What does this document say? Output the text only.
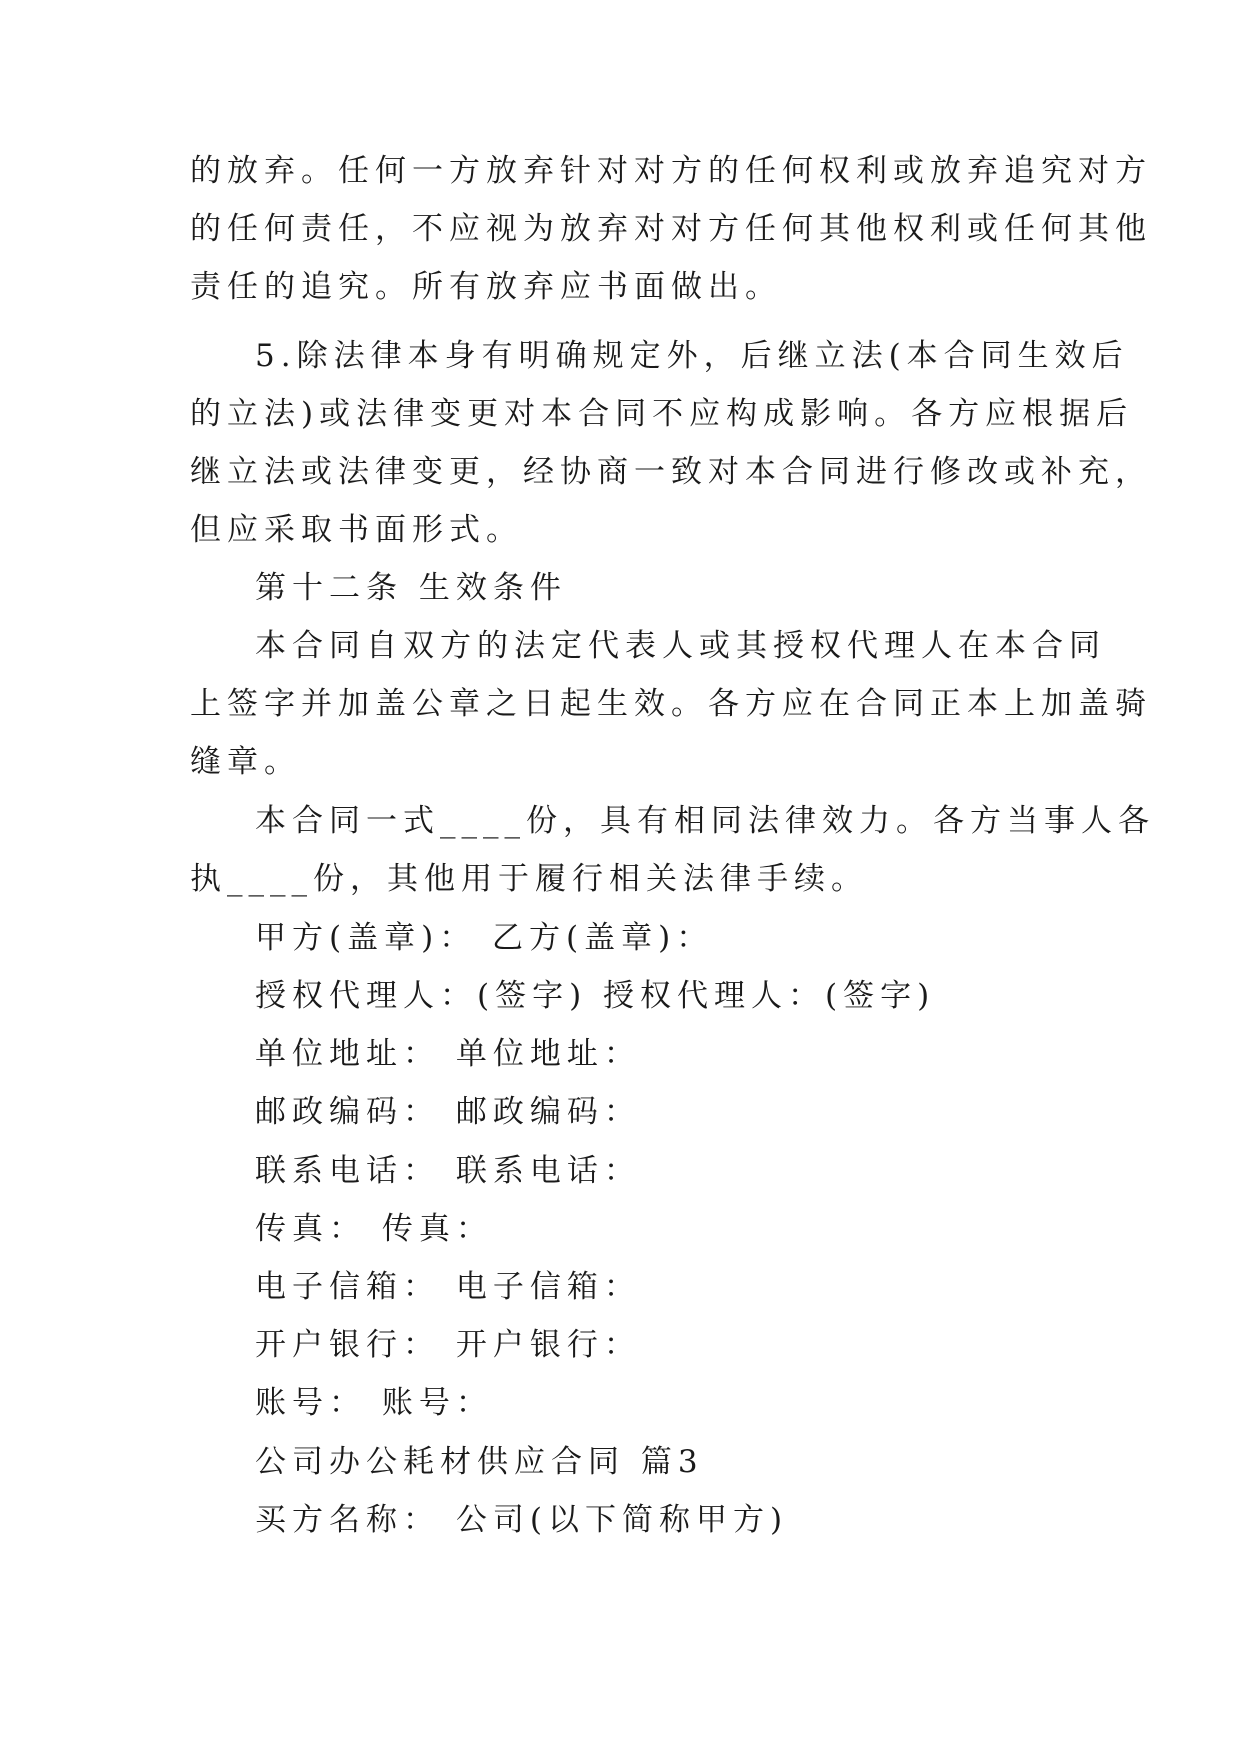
的放弃。任何一方放弃针对对方的任何权利或放弃追究对方
的任何责任，不应视为放弃对对方任何其他权利或任何其他
责任的追究。所有放弃应书面做出。
5.除法律本身有明确规定外，后继立法(本合同生效后
的立法)或法律变更对本合同不应构成影响。各方应根据后
继立法或法律变更，经协商一致对本合同进行修改或补充，
但应采取书面形式。
第十二条 生效条件
本合同自双方的法定代表人或其授权代理人在本合同
上签字并加盖公章之日起生效。各方应在合同正本上加盖骑
缝章。
本合同一式____份，具有相同法律效力。各方当事人各
执____份，其他用于履行相关法律手续。
甲方(盖章)： 乙方(盖章)：
授权代理人：(签字) 授权代理人：(签字)
单位地址： 单位地址：
邮政编码： 邮政编码：
联系电话： 联系电话：
传真： 传真：
电子信箱： 电子信箱：
开户银行： 开户银行：
账号： 账号：
公司办公耗材供应合同 篇3
买方名称： 公司(以下简称甲方)
